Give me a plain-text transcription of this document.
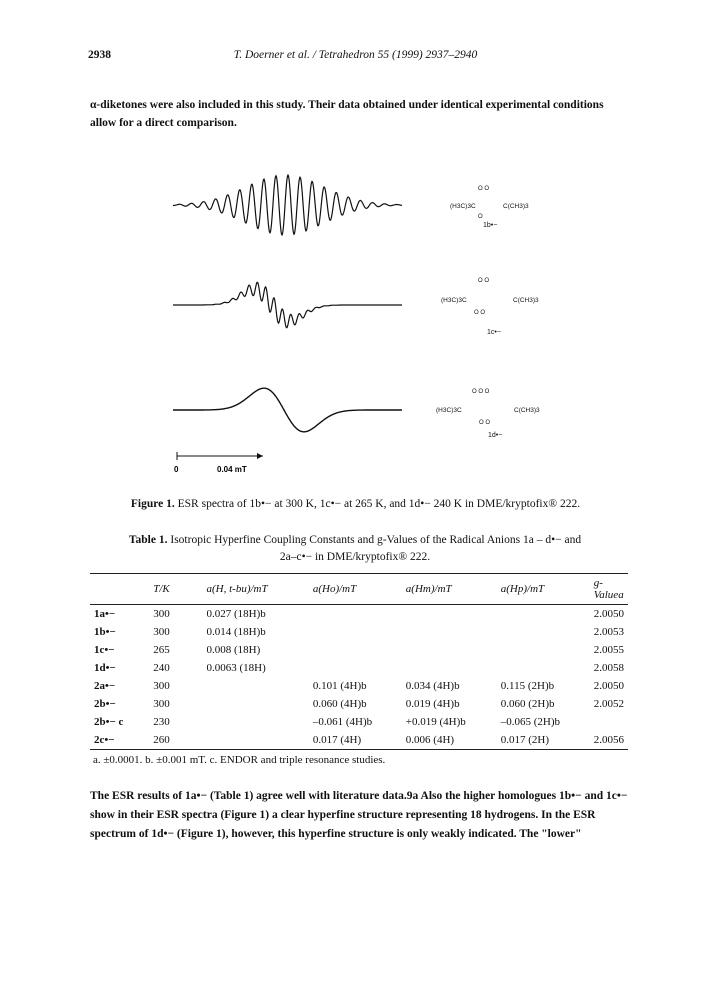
2938	T. Doerner et al. / Tetrahedron 55 (1999) 2937–2940
α-diketones were also included in this study. Their data obtained under identical experimental conditions allow for a direct comparison.
(H3C)3C	C(CH3)3
O O
O
1b•−
(H3C)3C	C(CH3)3
O O
O O
1c•−
(H3C)3C	C(CH3)3
O O O
O O
1d•−
0	0.04 mT
Figure 1. ESR spectra of 1b•− at 300 K, 1c•− at 265 K, and 1d•− 240 K in DME/kryptofix® 222.
Table 1. Isotropic Hyperfine Coupling Constants and g-Values of the Radical Anions 1a – d•− and 2a–c•− in DME/kryptofix® 222.
	T/K	a(H, t-bu)/mT	a(Ho)/mT	a(Hm)/mT	a(Hp)/mT	g-Valuea
1a•−	300	0.027 (18H)b				2.0050
1b•−	300	0.014 (18H)b				2.0053
1c•−	265	0.008 (18H)				2.0055
1d•−	240	0.0063 (18H)				2.0058
2a•−	300		0.101 (4H)b	0.034 (4H)b	0.115 (2H)b	2.0050
2b•−	300		0.060 (4H)b	0.019 (4H)b	0.060 (2H)b	2.0052
2b•− c	230		–0.061 (4H)b	+0.019 (4H)b	–0.065 (2H)b	
2c•−	260		0.017 (4H)	0.006 (4H)	0.017 (2H)	2.0056
a. ±0.0001. b. ±0.001 mT. c. ENDOR and triple resonance studies.
The ESR results of 1a•− (Table 1) agree well with literature data.9a Also the higher homologues 1b•− and 1c•− show in their ESR spectra (Figure 1) a clear hyperfine structure representing 18 hydrogens. In the ESR spectrum of 1d•− (Figure 1), however, this hyperfine structure is only weakly indicated. The "lower"
